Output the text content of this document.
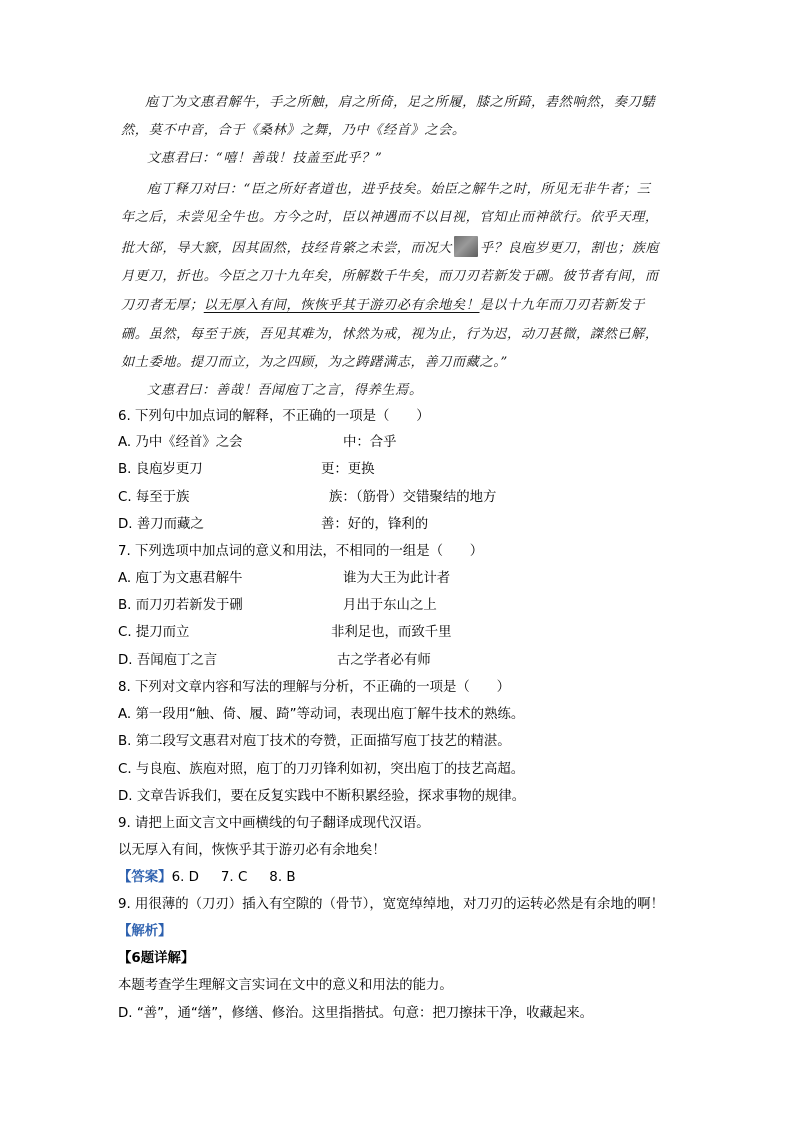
庖丁为文惠君解牛，手之所触，肩之所倚，足之所履，膝之所踦，砉然响然，奏刀騞
然，莫不中音，合于《桑林》之舞，乃中《经首》之会。
文惠君曰：“嘻！善哉！技盖至此乎？”
庖丁释刀对曰：“臣之所好者道也，进乎技矣。始臣之解牛之时，所见无非牛者；三
年之后，未尝见全牛也。方今之时，臣以神遇而不以目视，官知止而神欲行。依乎天理，
批大郤，导大窾，因其固然，技经肯綮之未尝，而况大 乎？良庖岁更刀，割也；族庖
月更刀，折也。今臣之刀十九年矣，所解数千牛矣，而刀刃若新发于硎。彼节者有间，而
刀刃者无厚；以无厚入有间，恢恢乎其于游刃必有余地矣！是以十九年而刀刃若新发于
硎。虽然，每至于族，吾见其难为，怵然为戒，视为止，行为迟，动刀甚微，謋然已解，
如土委地。提刀而立，为之四顾，为之踌躇满志，善刀而藏之。”
文惠君曰：善哉！吾闻庖丁之言，得养生焉。
6. 下列句中加点词的解释，不正确的一项是（　　）
A. 乃中《经首》之会	中：合乎
B. 良庖岁更刀	更：更换
C. 每至于族	族：（筋骨）交错聚结的地方
D. 善刀而藏之	善：好的，锋利的
7. 下列选项中加点词的意义和用法，不相同的一组是（　　）
A. 庖丁为文惠君解牛	谁为大王为此计者
B. 而刀刃若新发于硎	月出于东山之上
C. 提刀而立	非利足也，而致千里
D. 吾闻庖丁之言	古之学者必有师
8. 下列对文章内容和写法的理解与分析，不正确的一项是（　　）
A. 第一段用“触、倚、履、踦”等动词，表现出庖丁解牛技术的熟练。
B. 第二段写文惠君对庖丁技术的夸赞，正面描写庖丁技艺的精湛。
C. 与良庖、族庖对照，庖丁的刀刃锋利如初，突出庖丁的技艺高超。
D. 文章告诉我们，要在反复实践中不断积累经验，探求事物的规律。
9. 请把上面文言文中画横线的句子翻译成现代汉语。
以无厚入有间，恢恢乎其于游刃必有余地矣！
【答案】6. D 7. C 8. B
9. 用很薄的（刀刃）插入有空隙的（骨节），宽宽绰绰地，对刀刃的运转必然是有余地的啊！
【解析】
【6题详解】
本题考查学生理解文言实词在文中的意义和用法的能力。
D. “善”，通“缮”，修缮、修治。这里指揩拭。句意：把刀擦抹干净，收藏起来。
